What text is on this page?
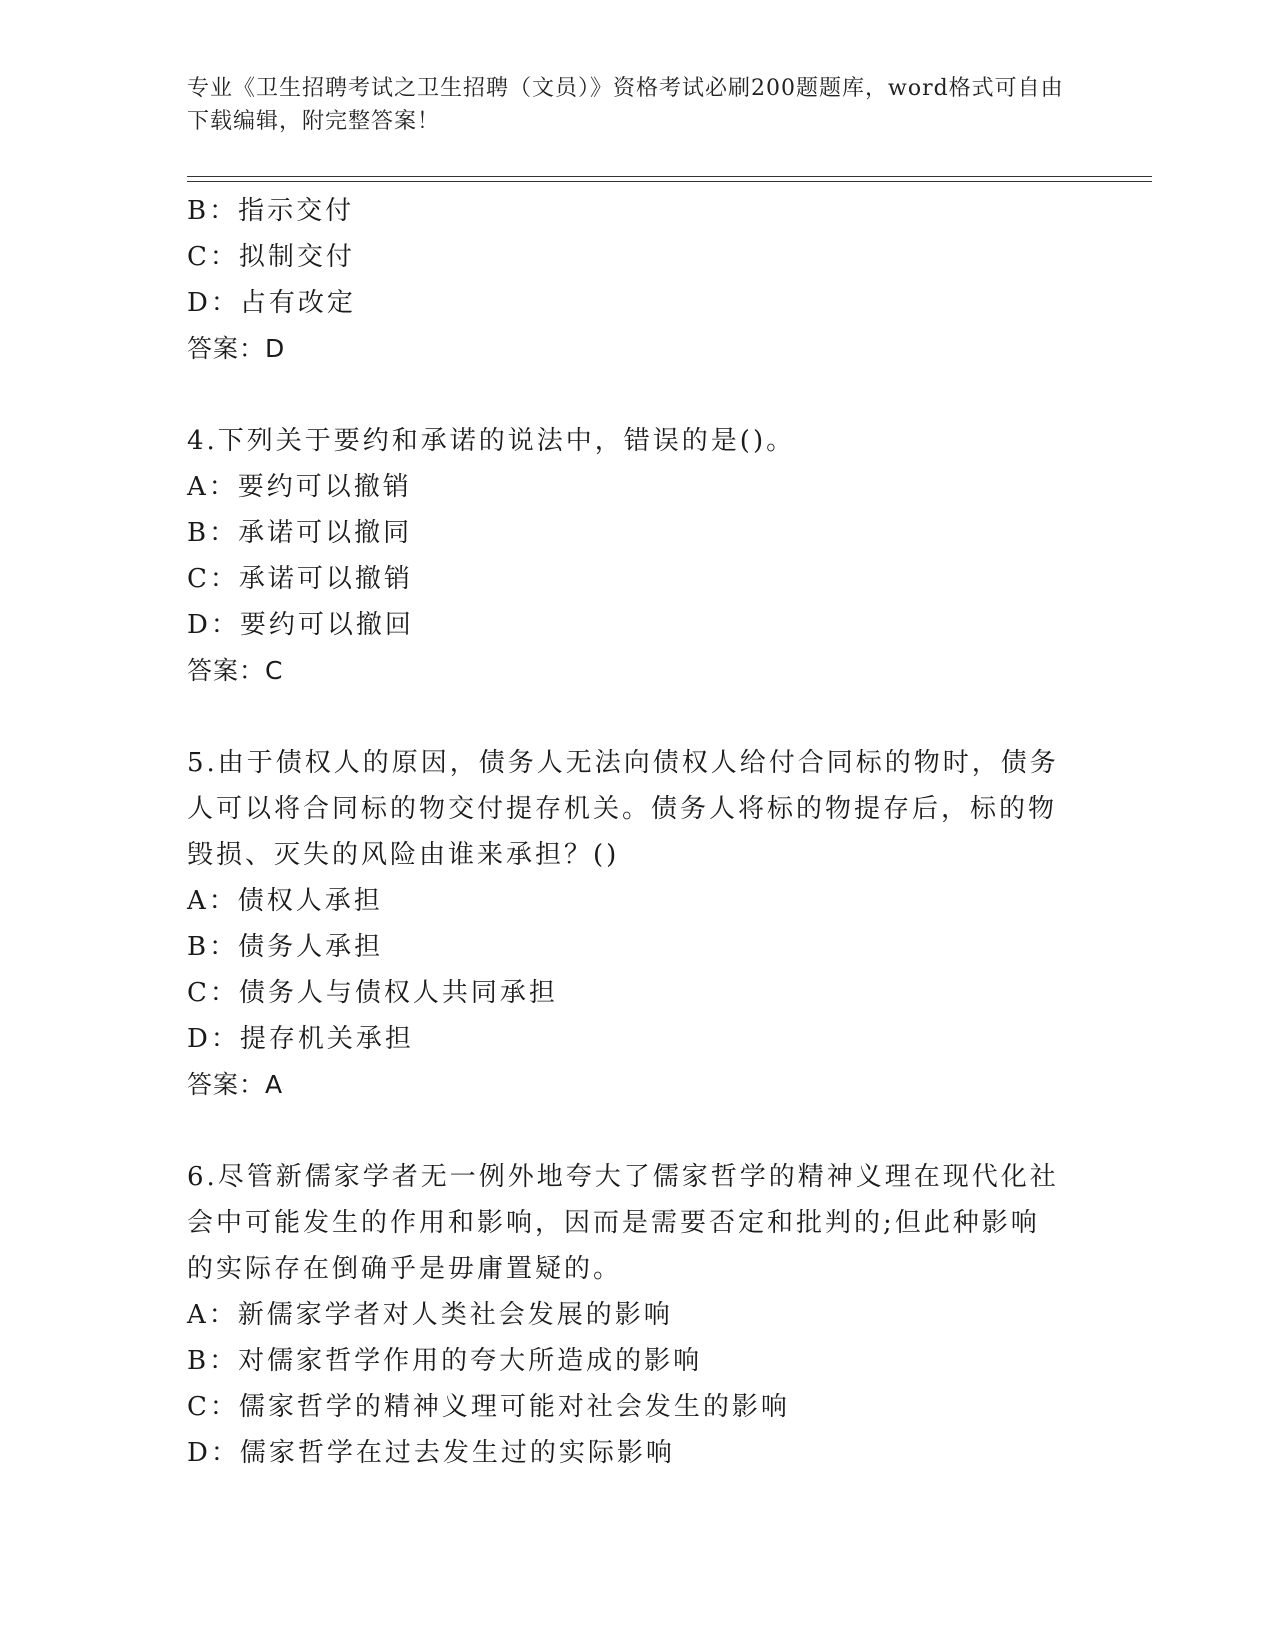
专业《卫生招聘考试之卫生招聘（文员）》资格考试必刷200题题库，word格式可自由下载编辑，附完整答案！
B：指示交付
C：拟制交付
D：占有改定
答案：D
4.下列关于要约和承诺的说法中，错误的是()。
A：要约可以撤销
B：承诺可以撤同
C：承诺可以撤销
D：要约可以撤回
答案：C
5.由于债权人的原因，债务人无法向债权人给付合同标的物时，债务人可以将合同标的物交付提存机关。债务人将标的物提存后，标的物毁损、灭失的风险由谁来承担？()
A：债权人承担
B：债务人承担
C：债务人与债权人共同承担
D：提存机关承担
答案：A
6.尽管新儒家学者无一例外地夸大了儒家哲学的精神义理在现代化社会中可能发生的作用和影响，因而是需要否定和批判的;但此种影响的实际存在倒确乎是毋庸置疑的。
A：新儒家学者对人类社会发展的影响
B：对儒家哲学作用的夸大所造成的影响
C：儒家哲学的精神义理可能对社会发生的影响
D：儒家哲学在过去发生过的实际影响
